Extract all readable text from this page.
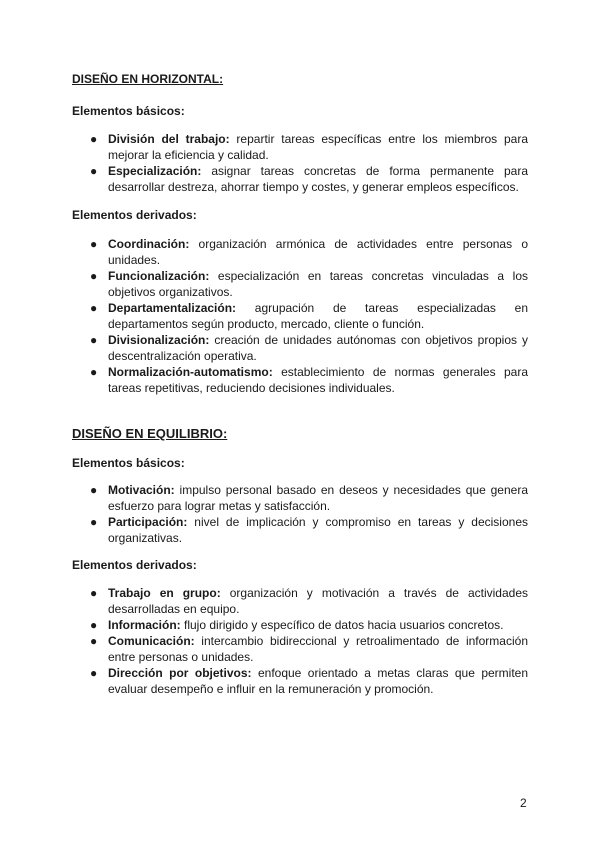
DISEÑO EN HORIZONTAL:

Elementos básicos:

● División del trabajo: repartir tareas específicas entre los miembros para mejorar la eficiencia y calidad.
● Especialización: asignar tareas concretas de forma permanente para desarrollar destreza, ahorrar tiempo y costes, y generar empleos específicos.

Elementos derivados:

● Coordinación: organización armónica de actividades entre personas o unidades.
● Funcionalización: especialización en tareas concretas vinculadas a los objetivos organizativos.
● Departamentalización: agrupación de tareas especializadas en departamentos según producto, mercado, cliente o función.
● Divisionalización: creación de unidades autónomas con objetivos propios y descentralización operativa.
● Normalización-automatismo: establecimiento de normas generales para tareas repetitivas, reduciendo decisiones individuales.
DISEÑO EN EQUILIBRIO:

Elementos básicos:

● Motivación: impulso personal basado en deseos y necesidades que genera esfuerzo para lograr metas y satisfacción.
● Participación: nivel de implicación y compromiso en tareas y decisiones organizativas.

Elementos derivados:

● Trabajo en grupo: organización y motivación a través de actividades desarrolladas en equipo.
● Información: flujo dirigido y específico de datos hacia usuarios concretos.
● Comunicación: intercambio bidireccional y retroalimentado de información entre personas o unidades.
● Dirección por objetivos: enfoque orientado a metas claras que permiten evaluar desempeño e influir en la remuneración y promoción.
2
